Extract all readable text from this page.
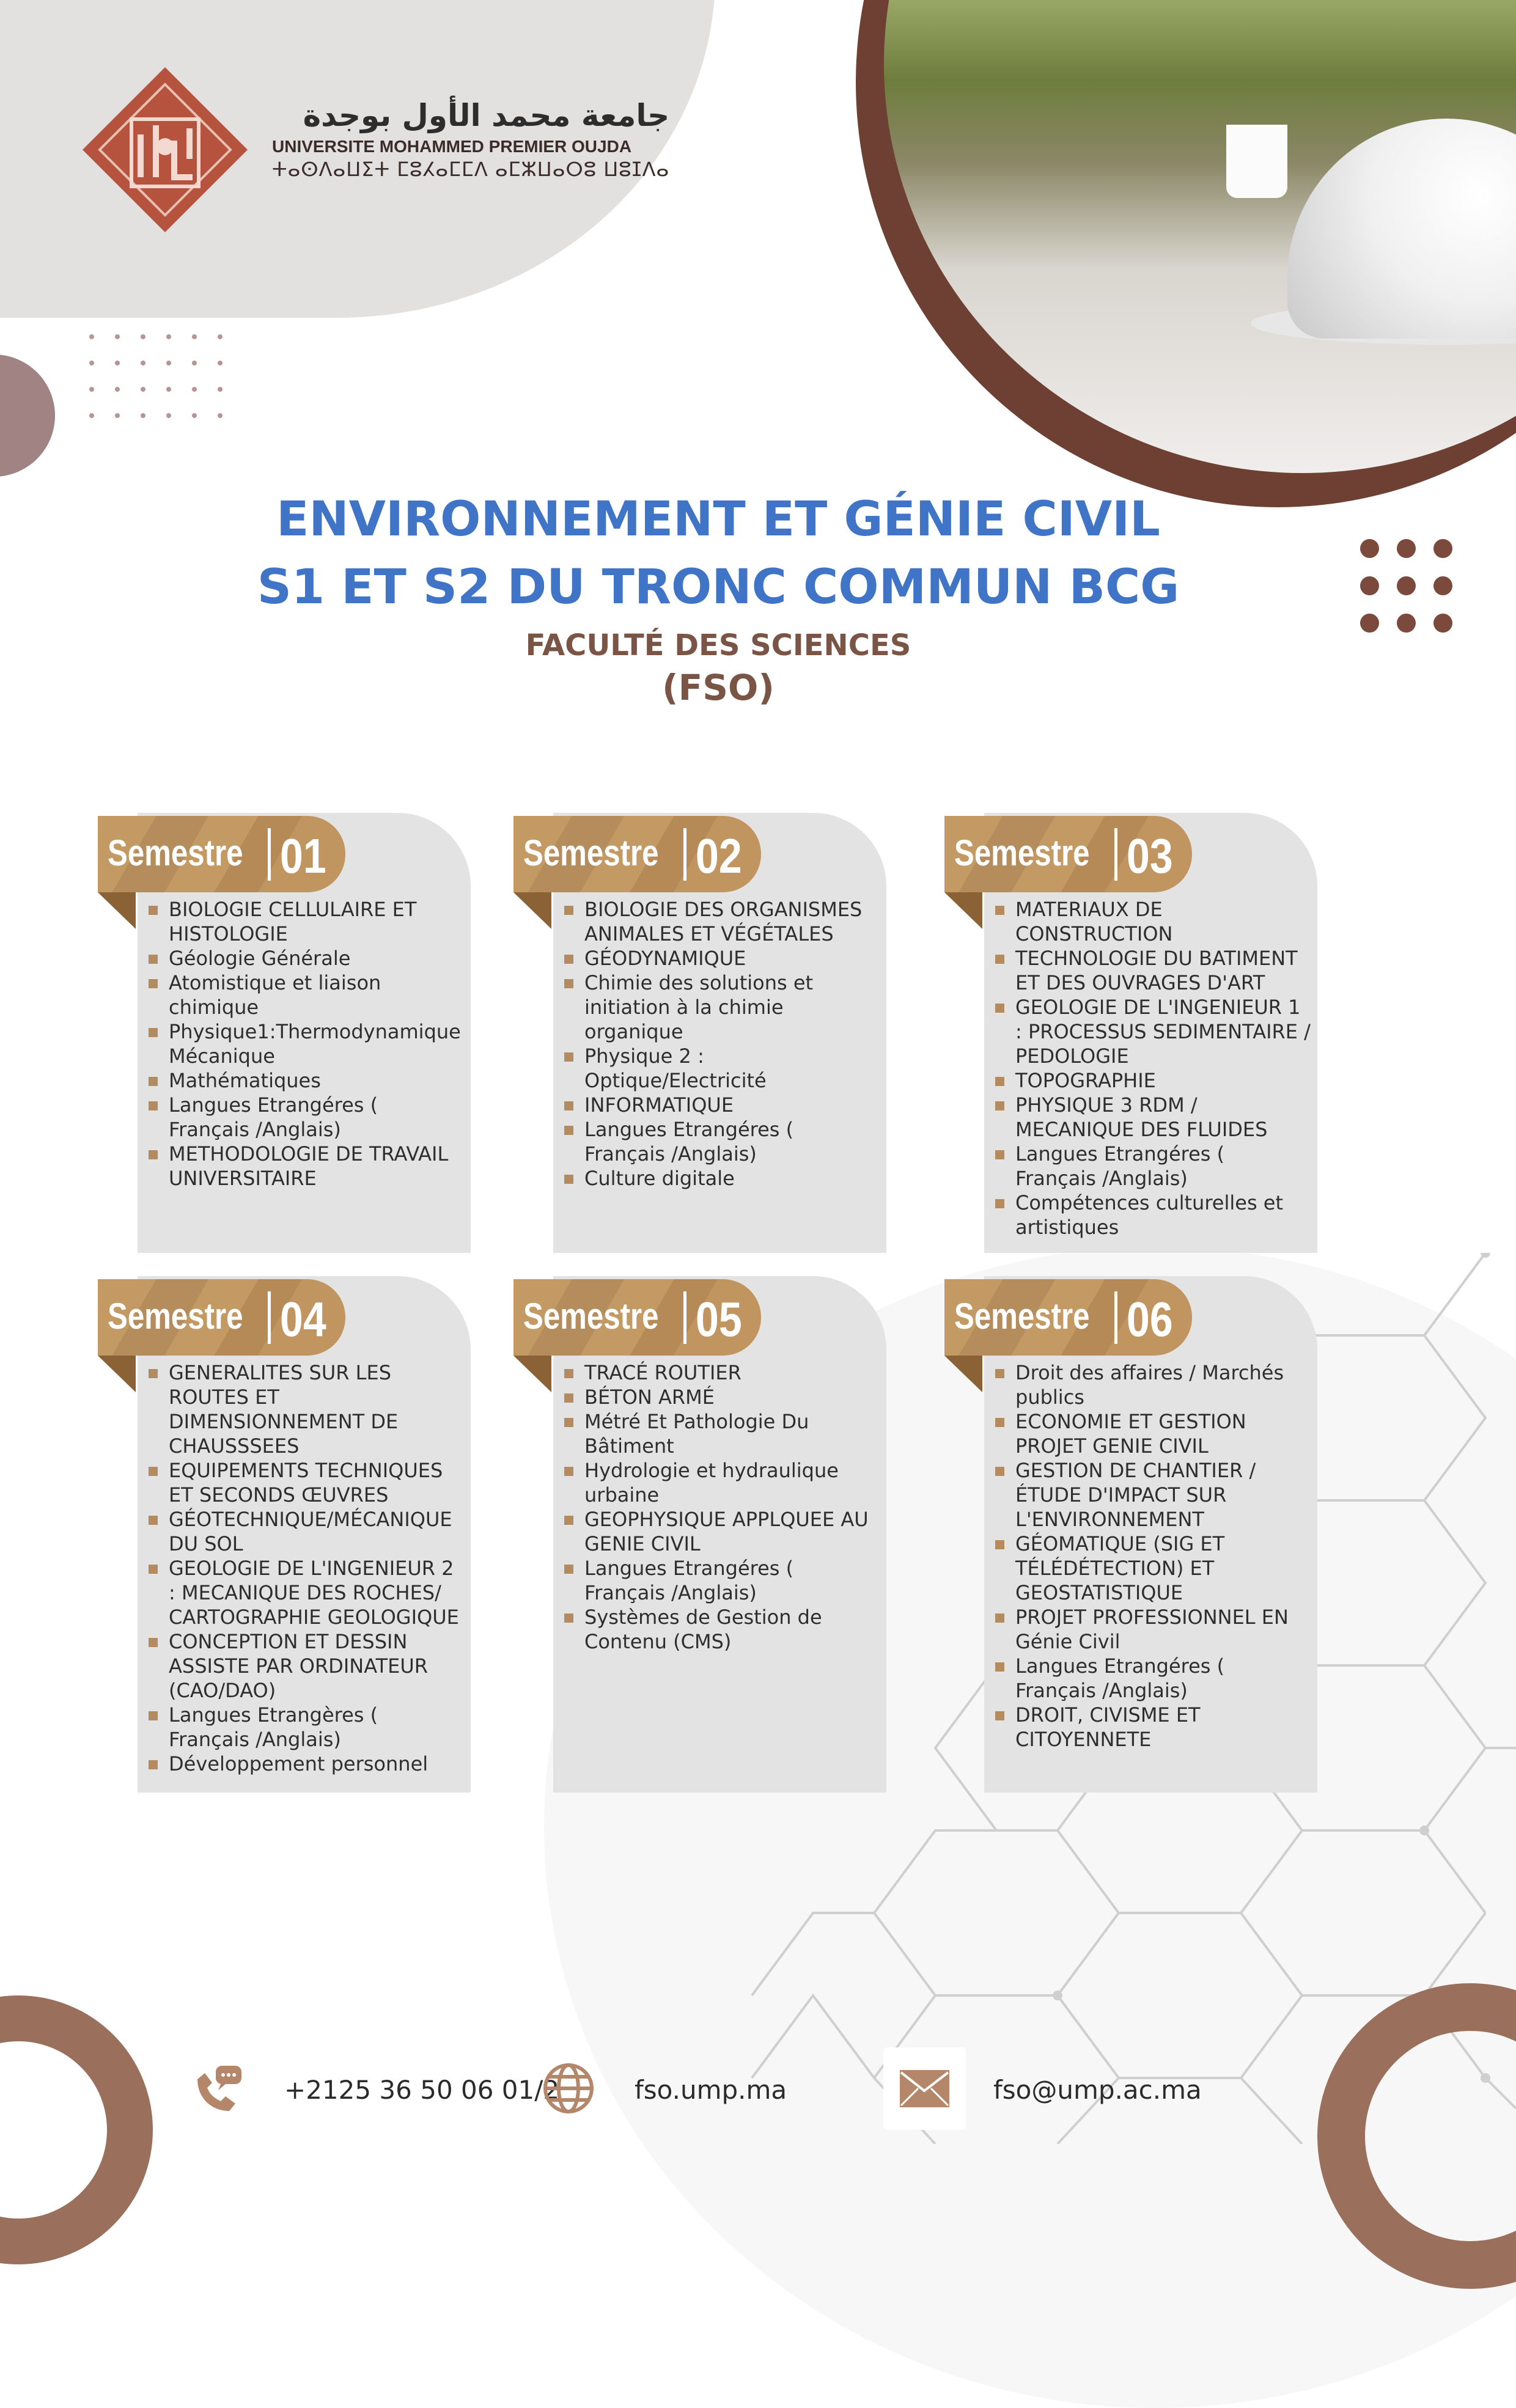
جامعة محمد الأول بوجدة
UNIVERSITE MOHAMMED PREMIER OUJDA
ⵜⴰⵙⴷⴰⵡⵉⵜ ⵎⵓⵃⴰⵎⵎⴷ ⴰⵎⵣⵡⴰⵔⵓ ⵡⵓⵊⴷⴰ
ENVIRONNEMENT ET GÉNIE CIVIL
S1 ET S2 DU TRONC COMMUN BCG
FACULTÉ DES SCIENCES
(FSO)
Semestre 01
BIOLOGIE CELLULAIRE ET HISTOLOGIE
Géologie Générale
Atomistique et liaison chimique
Physique1:Thermodynamique Mécanique
Mathématiques
Langues Etrangéres ( Français /Anglais)
METHODOLOGIE DE TRAVAIL UNIVERSITAIRE
Semestre 02
BIOLOGIE DES ORGANISMES ANIMALES ET VÉGÉTALES
GÉODYNAMIQUE
Chimie des solutions et initiation à la chimie organique
Physique 2 : Optique/Electricité
INFORMATIQUE
Langues Etrangéres ( Français /Anglais)
Culture digitale
Semestre 03
MATERIAUX DE CONSTRUCTION
TECHNOLOGIE DU BATIMENT ET DES OUVRAGES D'ART
GEOLOGIE DE L'INGENIEUR 1 : PROCESSUS SEDIMENTAIRE / PEDOLOGIE
TOPOGRAPHIE
PHYSIQUE 3 RDM / MECANIQUE DES FLUIDES
Langues Etrangéres ( Français /Anglais)
Compétences culturelles et artistiques
Semestre 04
GENERALITES SUR LES ROUTES ET DIMENSIONNEMENT DE CHAUSSSEES
EQUIPEMENTS TECHNIQUES ET SECONDS ŒUVRES
GÉOTECHNIQUE/MÉCANIQUE DU SOL
GEOLOGIE DE L'INGENIEUR 2 : MECANIQUE DES ROCHES/ CARTOGRAPHIE GEOLOGIQUE
CONCEPTION ET DESSIN ASSISTE PAR ORDINATEUR (CAO/DAO)
Langues Etrangères ( Français /Anglais)
Développement personnel
Semestre 05
TRACÉ ROUTIER
BÉTON ARMÉ
Métré Et Pathologie Du Bâtiment
Hydrologie et hydraulique urbaine
GEOPHYSIQUE APPLQUEE AU GENIE CIVIL
Langues Etrangéres ( Français /Anglais)
Systèmes de Gestion de Contenu (CMS)
Semestre 06
Droit des affaires / Marchés publics
ECONOMIE ET GESTION PROJET GENIE CIVIL
GESTION DE CHANTIER / ÉTUDE D'IMPACT SUR L'ENVIRONNEMENT
GÉOMATIQUE (SIG ET TÉLÉDÉTECTION) ET GEOSTATISTIQUE
PROJET PROFESSIONNEL EN Génie Civil
Langues Etrangéres ( Français /Anglais)
DROIT, CIVISME ET CITOYENNETE
+2125 36 50 06 01/2	fso.ump.ma	fso@ump.ac.ma
